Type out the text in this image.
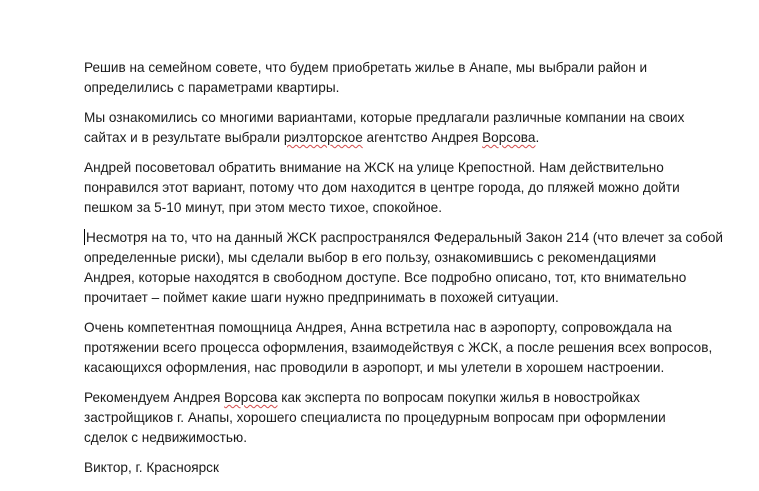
Решив на семейном совете, что будем приобретать жилье в Анапе, мы выбрали район и
определились с параметрами квартиры.

Мы ознакомились со многими вариантами, которые предлагали различные компании на своих
сайтах и в результате выбрали риэлторское агентство Андрея Ворсова.

Андрей посоветовал обратить внимание на ЖСК на улице Крепостной. Нам действительно
понравился этот вариант, потому что дом находится в центре города, до пляжей можно дойти
пешком за 5-10 минут, при этом место тихое, спокойное.

Несмотря на то, что на данный ЖСК распространялся Федеральный Закон 214 (что влечет за собой
определенные риски), мы сделали выбор в его пользу, ознакомившись с рекомендациями
Андрея, которые находятся в свободном доступе. Все подробно описано, тот, кто внимательно
прочитает – поймет какие шаги нужно предпринимать в похожей ситуации.

Очень компетентная помощница Андрея, Анна встретила нас в аэропорту, сопровождала на
протяжении всего процесса оформления, взаимодействуя с ЖСК, а после решения всех вопросов,
касающихся оформления, нас проводили в аэропорт, и мы улетели в хорошем настроении.

Рекомендуем Андрея Ворсова как эксперта по вопросам покупки жилья в новостройках
застройщиков г. Анапы, хорошего специалиста по процедурным вопросам при оформлении
сделок с недвижимостью.

Виктор, г. Красноярск
